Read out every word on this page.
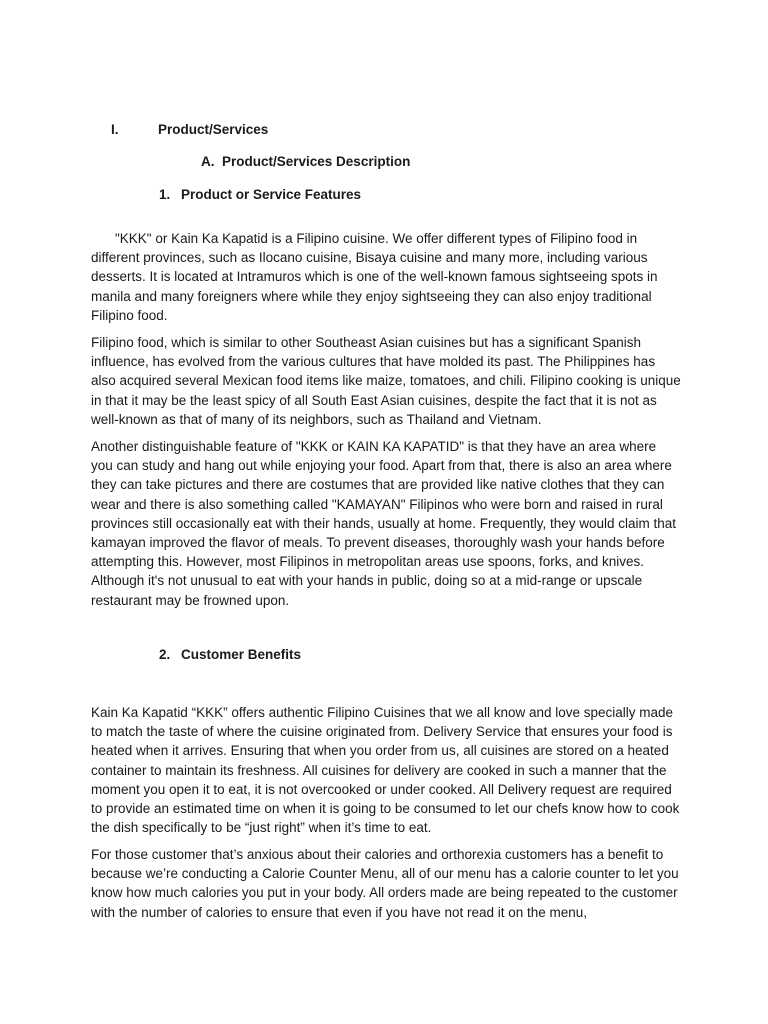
I.	Product/Services
A. Product/Services Description
1. Product or Service Features

"KKK" or Kain Ka Kapatid is a Filipino cuisine. We offer different types of Filipino food in different provinces, such as Ilocano cuisine, Bisaya cuisine and many more, including various desserts. It is located at Intramuros which is one of the well-known famous sightseeing spots in manila and many foreigners where while they enjoy sightseeing they can also enjoy traditional Filipino food.

Filipino food, which is similar to other Southeast Asian cuisines but has a significant Spanish influence, has evolved from the various cultures that have molded its past. The Philippines has also acquired several Mexican food items like maize, tomatoes, and chili. Filipino cooking is unique in that it may be the least spicy of all South East Asian cuisines, despite the fact that it is not as well-known as that of many of its neighbors, such as Thailand and Vietnam.

Another distinguishable feature of "KKK or KAIN KA KAPATID" is that they have an area where you can study and hang out while enjoying your food. Apart from that, there is also an area where they can take pictures and there are costumes that are provided like native clothes that they can wear and there is also something called "KAMAYAN" Filipinos who were born and raised in rural provinces still occasionally eat with their hands, usually at home. Frequently, they would claim that kamayan improved the flavor of meals. To prevent diseases, thoroughly wash your hands before attempting this. However, most Filipinos in metropolitan areas use spoons, forks, and knives. Although it's not unusual to eat with your hands in public, doing so at a mid-range or upscale restaurant may be frowned upon.

2. Customer Benefits

Kain Ka Kapatid “KKK” offers authentic Filipino Cuisines that we all know and love specially made to match the taste of where the cuisine originated from. Delivery Service that ensures your food is heated when it arrives. Ensuring that when you order from us, all cuisines are stored on a heated container to maintain its freshness. All cuisines for delivery are cooked in such a manner that the moment you open it to eat, it is not overcooked or under cooked. All Delivery request are required to provide an estimated time on when it is going to be consumed to let our chefs know how to cook the dish specifically to be “just right” when it’s time to eat.

For those customer that’s anxious about their calories and orthorexia customers has a benefit to because we’re conducting a Calorie Counter Menu, all of our menu has a calorie counter to let you know how much calories you put in your body. All orders made are being repeated to the customer with the number of calories to ensure that even if you have not read it on the menu,
